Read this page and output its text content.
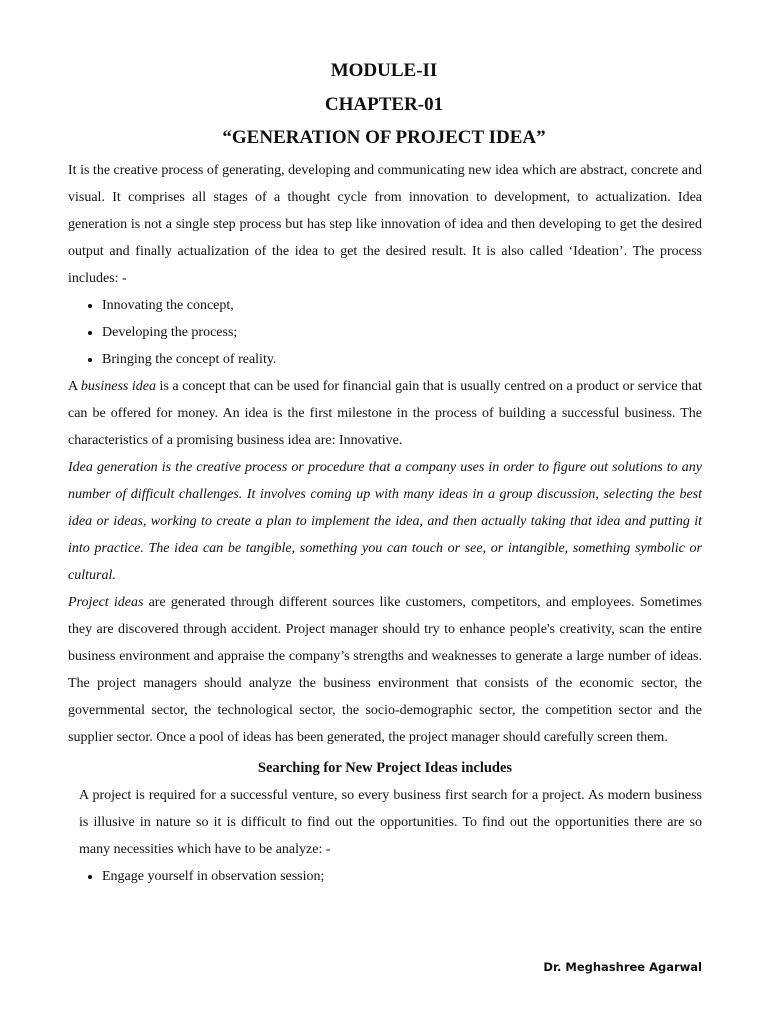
MODULE-II
CHAPTER-01
“GENERATION OF PROJECT IDEA”

It is the creative process of generating, developing and communicating new idea which are abstract, concrete and visual. It comprises all stages of a thought cycle from innovation to development, to actualization. Idea generation is not a single step process but has step like innovation of idea and then developing to get the desired output and finally actualization of the idea to get the desired result. It is also called ‘Ideation’. The process includes: -

• Innovating the concept,
• Developing the process;
• Bringing the concept of reality.

A business idea is a concept that can be used for financial gain that is usually centred on a product or service that can be offered for money. An idea is the first milestone in the process of building a successful business. The characteristics of a promising business idea are: Innovative.

Idea generation is the creative process or procedure that a company uses in order to figure out solutions to any number of difficult challenges. It involves coming up with many ideas in a group discussion, selecting the best idea or ideas, working to create a plan to implement the idea, and then actually taking that idea and putting it into practice. The idea can be tangible, something you can touch or see, or intangible, something symbolic or cultural.

Project ideas are generated through different sources like customers, competitors, and employees. Sometimes they are discovered through accident. Project manager should try to enhance people's creativity, scan the entire business environment and appraise the company’s strengths and weaknesses to generate a large number of ideas. The project managers should analyze the business environment that consists of the economic sector, the governmental sector, the technological sector, the socio-demographic sector, the competition sector and the supplier sector. Once a pool of ideas has been generated, the project manager should carefully screen them.

Searching for New Project Ideas includes

A project is required for a successful venture, so every business first search for a project. As modern business is illusive in nature so it is difficult to find out the opportunities. To find out the opportunities there are so many necessities which have to be analyze: -

• Engage yourself in observation session;
Dr. Meghashree Agarwal
